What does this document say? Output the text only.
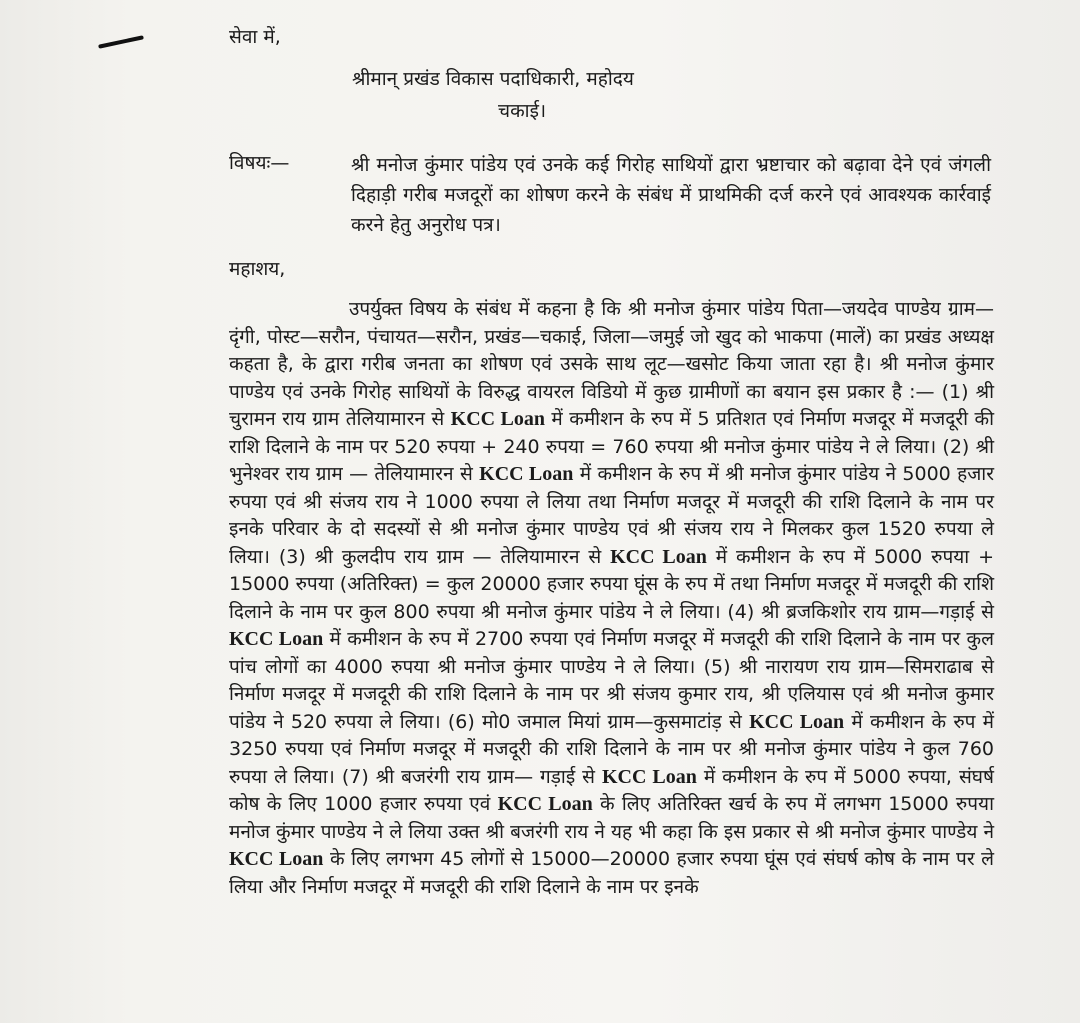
सेवा में,
श्रीमान् प्रखंड विकास पदाधिकारी, महोदय
चकाई।
विषयः—	श्री मनोज कुंमार पांडेय एवं उनके कई गिरोह साथियों द्वारा भ्रष्टाचार को बढ़ावा देने एवं जंगली दिहाड़ी गरीब मजदूरों का शोषण करने के संबंध में प्राथमिकी दर्ज करने एवं आवश्यक कार्रवाई करने हेतु अनुरोध पत्र।
महाशय,
उपर्युक्त विषय के संबंध में कहना है कि श्री मनोज कुंमार पांडेय पिता—जयदेव पाण्डेय ग्राम—दृंगी, पोस्ट—सरौन, पंचायत—सरौन, प्रखंड—चकाई, जिला—जमुई जो खुद को भाकपा (मालें) का प्रखंड अध्यक्ष कहता है, के द्वारा गरीब जनता का शोषण एवं उसके साथ लूट—खसोट किया जाता रहा है। श्री मनोज कुंमार पाण्डेय एवं उनके गिरोह साथियों के विरुद्ध वायरल विडियो में कुछ ग्रामीणों का बयान इस प्रकार है :— (1) श्री चुरामन राय ग्राम तेलियामारन से KCC Loan में कमीशन के रुप में 5 प्रतिशत एवं निर्माण मजदूर में मजदूरी की राशि दिलाने के नाम पर 520 रुपया + 240 रुपया = 760 रुपया श्री मनोज कुंमार पांडेय ने ले लिया। (2) श्री भुनेश्वर राय ग्राम — तेलियामारन से KCC Loan में कमीशन के रुप में श्री मनोज कुंमार पांडेय ने 5000 हजार रुपया एवं श्री संजय राय ने 1000 रुपया ले लिया तथा निर्माण मजदूर में मजदूरी की राशि दिलाने के नाम पर इनके परिवार के दो सदस्यों से श्री मनोज कुंमार पाण्डेय एवं श्री संजय राय ने मिलकर कुल 1520 रुपया ले लिया। (3) श्री कुलदीप राय ग्राम — तेलियामारन से KCC Loan में कमीशन के रुप में 5000 रुपया + 15000 रुपया (अतिरिक्त) = कुल 20000 हजार रुपया घूंस के रुप में तथा निर्माण मजदूर में मजदूरी की राशि दिलाने के नाम पर कुल 800 रुपया श्री मनोज कुंमार पांडेय ने ले लिया। (4) श्री ब्रजकिशोर राय ग्राम—गड़ाई से KCC Loan में कमीशन के रुप में 2700 रुपया एवं निर्माण मजदूर में मजदूरी की राशि दिलाने के नाम पर कुल पांच लोगों का 4000 रुपया श्री मनोज कुंमार पाण्डेय ने ले लिया। (5) श्री नारायण राय ग्राम—सिमराढाब से निर्माण मजदूर में मजदूरी की राशि दिलाने के नाम पर श्री संजय कुमार राय, श्री एलियास एवं श्री मनोज कुमार पांडेय ने 520 रुपया ले लिया। (6) मो0 जमाल मियां ग्राम—कुसमाटांड़ से KCC Loan में कमीशन के रुप में 3250 रुपया एवं निर्माण मजदूर में मजदूरी की राशि दिलाने के नाम पर श्री मनोज कुंमार पांडेय ने कुल 760 रुपया ले लिया। (7) श्री बजरंगी राय ग्राम— गड़ाई से KCC Loan में कमीशन के रुप में 5000 रुपया, संघर्ष कोष के लिए 1000 हजार रुपया एवं KCC Loan के लिए अतिरिक्त खर्च के रुप में लगभग 15000 रुपया मनोज कुंमार पाण्डेय ने ले लिया उक्त श्री बजरंगी राय ने यह भी कहा कि इस प्रकार से श्री मनोज कुंमार पाण्डेय ने KCC Loan के लिए लगभग 45 लोगों से 15000—20000 हजार रुपया घूंस एवं संघर्ष कोष के नाम पर ले लिया और निर्माण मजदूर में मजदूरी की राशि दिलाने के नाम पर इनके
